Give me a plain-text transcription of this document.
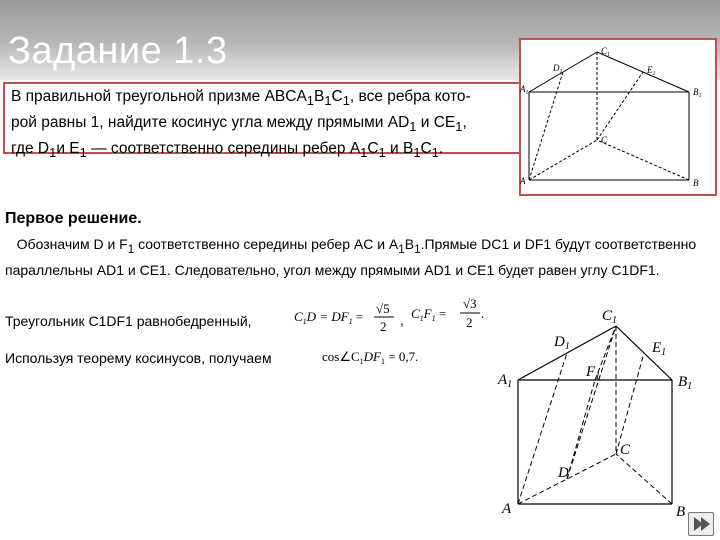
Задание 1.3
В правильной треугольной призме $ABCA_1B_1C_1$, все ребра кото-
рой равны 1, найдите косинус угла между прямыми $AD_1$ и $CE_1$,
где $D_1и$ $E_1$ — соответственно середины ребер $A_1C_1$ и $B_1C_1$.
$C_1$
$D_1$	$E_1$
$A_1$	$B_1$
C
A	B
Первое решение.
Обозначим D и $F_1$ соответственно середины ребер AC и $A_1B_1.Прямые$ DC1 и DF1 будут соответственно параллельны AD1 и CE1. Следовательно, угол между прямыми AD1 и CE1 будет равен углу C1DF1.
Треугольник C1DF1 равнобедренный,	$C_1D = DF_1$ =
√5
2 , $C_1F_1$ =
√3
2
.
Используя теорему косинусов, получаем	$\cos\angle C_1DF_1 = 0,7$.
$C_1$
$D_1$	$E_1$
$F_1$
$A_1$	$B_1$
C
D
A	B
